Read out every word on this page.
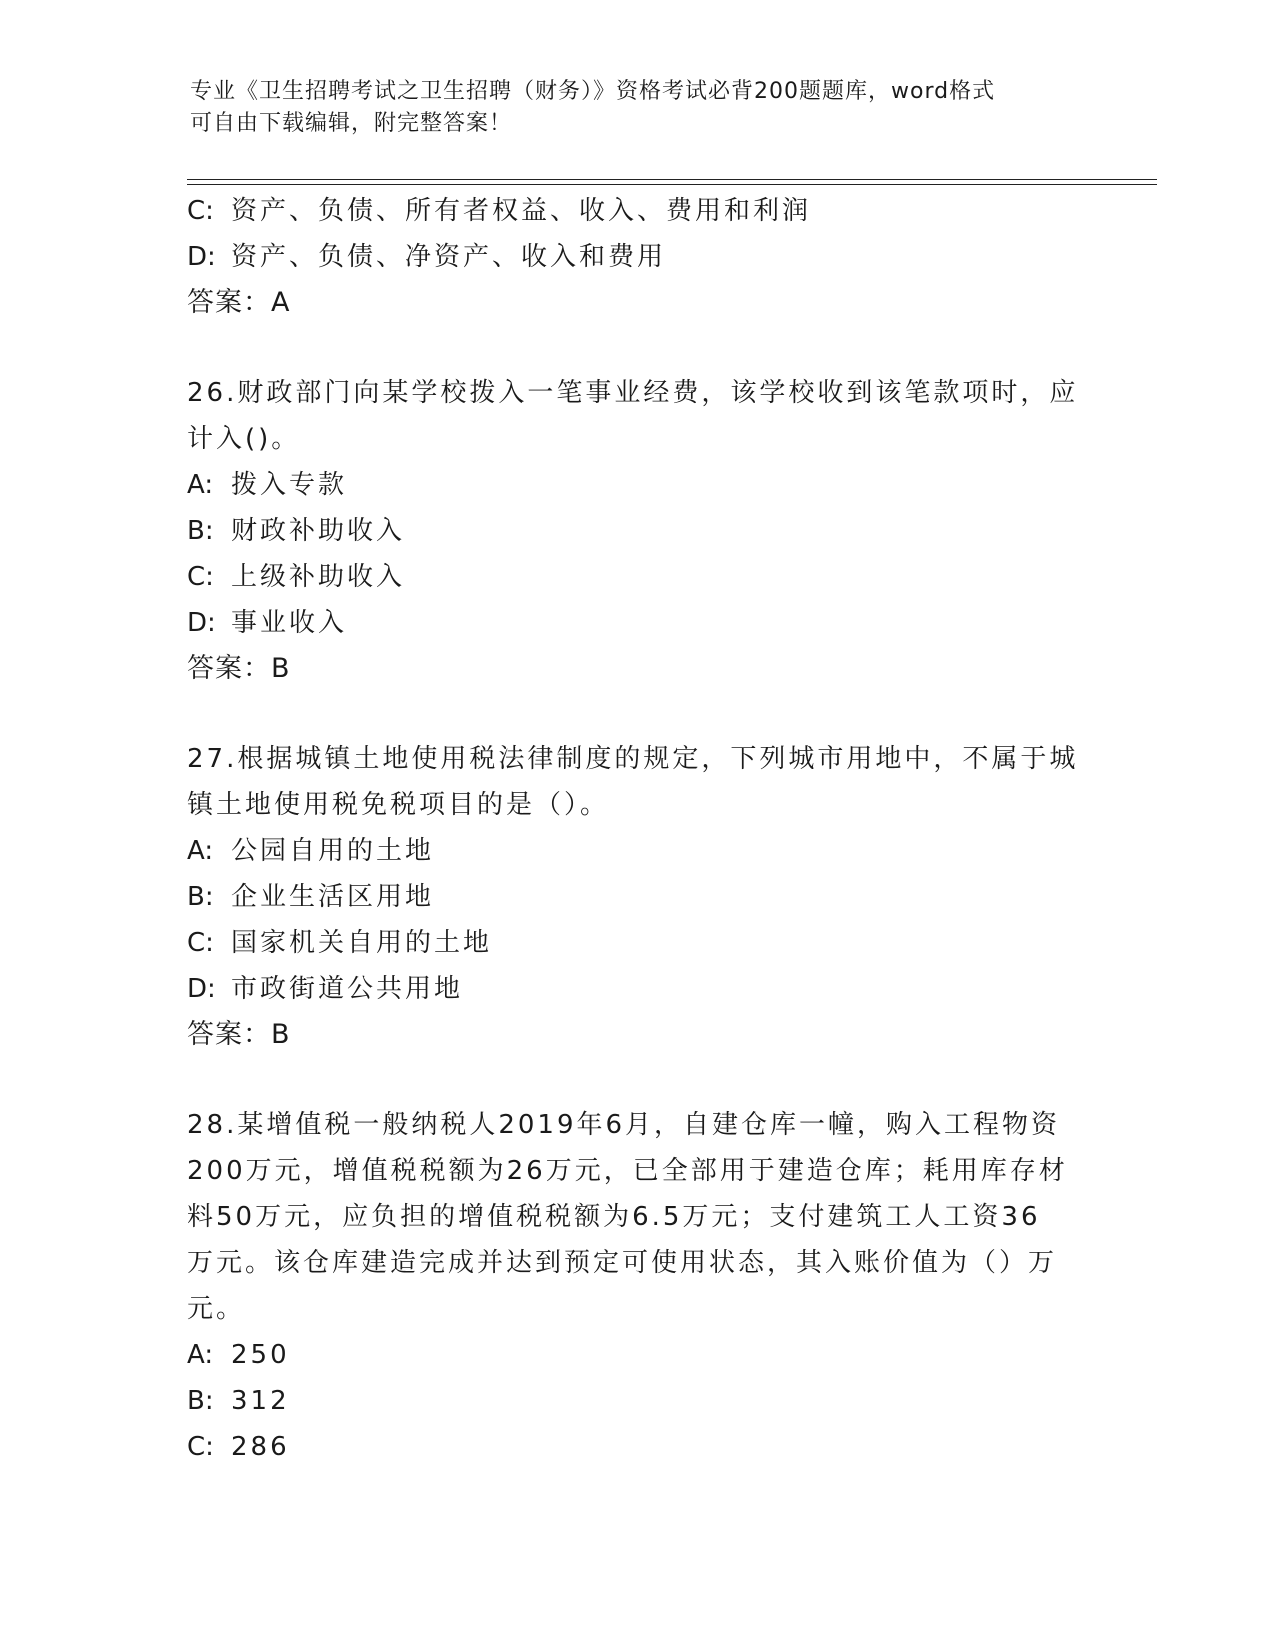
专业《卫生招聘考试之卫生招聘（财务）》资格考试必背200题题库，word格式
可自由下载编辑，附完整答案！
C: 资产、负债、所有者权益、收入、费用和利润
D: 资产、负债、净资产、收入和费用
答案：A
26.财政部门向某学校拨入一笔事业经费，该学校收到该笔款项时，应
计入()。
A: 拨入专款
B: 财政补助收入
C: 上级补助收入
D: 事业收入
答案：B
27.根据城镇土地使用税法律制度的规定，下列城市用地中，不属于城
镇土地使用税免税项目的是（）。
A: 公园自用的土地
B: 企业生活区用地
C: 国家机关自用的土地
D: 市政街道公共用地
答案：B
28.某增值税一般纳税人2019年6月，自建仓库一幢，购入工程物资
200万元，增值税税额为26万元，已全部用于建造仓库；耗用库存材
料50万元，应负担的增值税税额为6.5万元；支付建筑工人工资36
万元。该仓库建造完成并达到预定可使用状态，其入账价值为（）万
元。
A: 250
B: 312
C: 286
